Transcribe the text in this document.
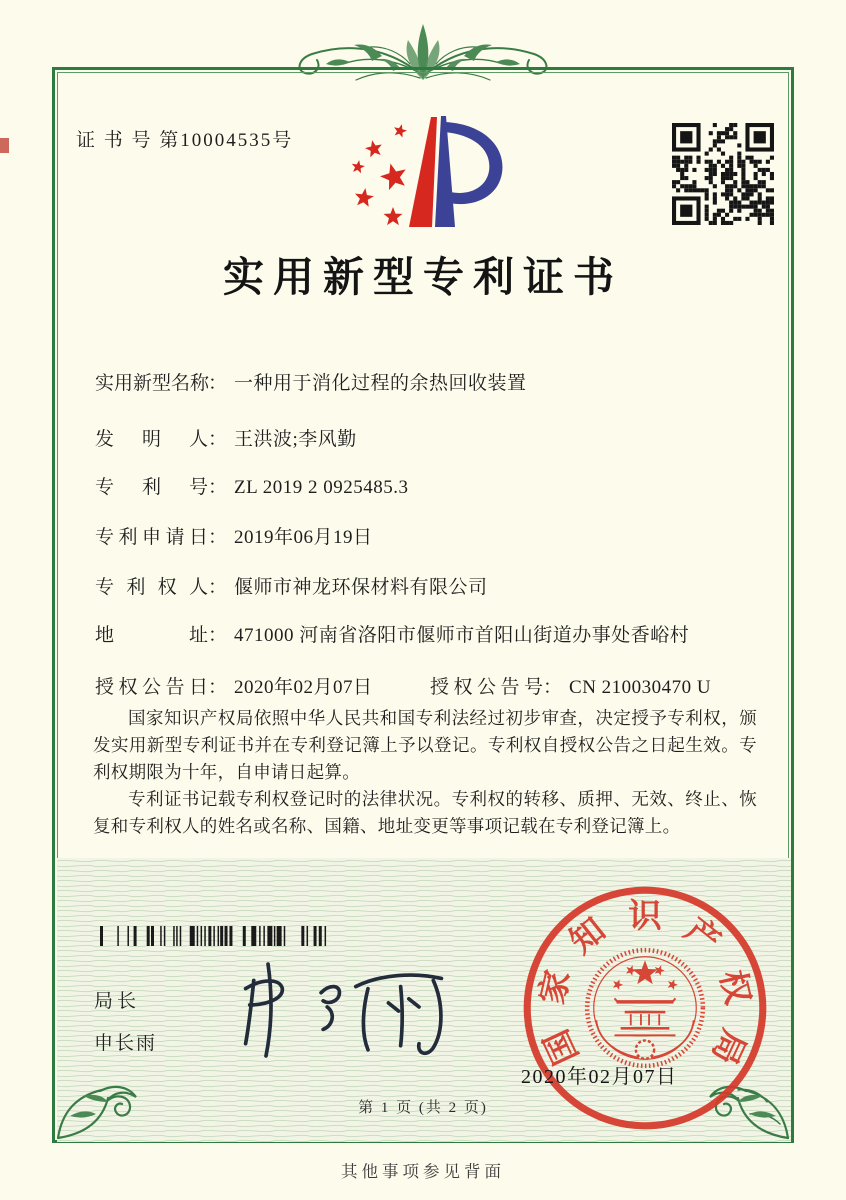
证 书 号 第10004535号
实用新型专利证书
实用新型名称： 一种用于消化过程的余热回收装置
发明人： 王洪波;李风勤
专利号： ZL 2019 2 0925485.3
专利申请日： 2019年06月19日
专利权人： 偃师市神龙环保材料有限公司
地址： 471000 河南省洛阳市偃师市首阳山街道办事处香峪村
授权公告日： 2020年02月07日	授权公告号： CN 210030470 U

国家知识产权局依照中华人民共和国专利法经过初步审查，决定授予专利权，颁发实用新型专利证书并在专利登记簿上予以登记。专利权自授权公告之日起生效。专利权期限为十年，自申请日起算。

专利证书记载专利权登记时的法律状况。专利权的转移、质押、无效、终止、恢复和专利权人的姓名或名称、国籍、地址变更等事项记载在专利登记簿上。

局长
申长雨	国
家
知 识 产
权
局
2020年02月07日
第 1 页 (共 2 页)
其他事项参见背面
